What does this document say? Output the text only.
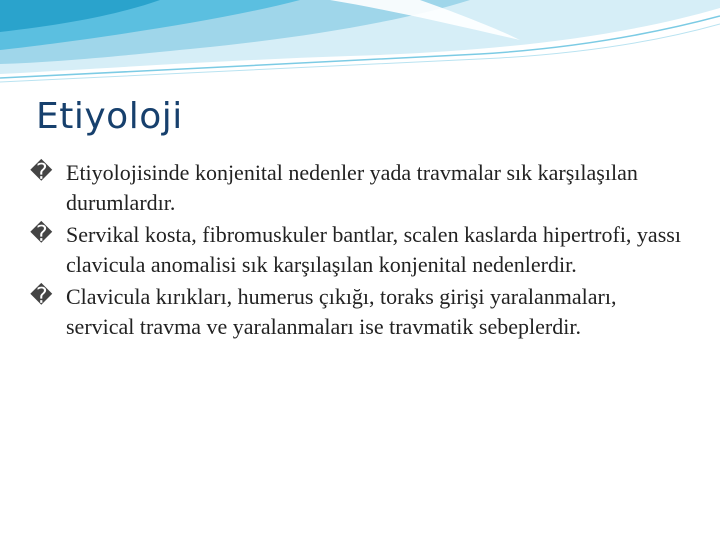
Etiyoloji
� Etiyolojisinde konjenital nedenler yada travmalar sık karşılaşılan durumlardır.
� Servikal kosta, fibromuskuler bantlar, scalen kaslarda hipertrofi, yassı clavicula anomalisi sık karşılaşılan konjenital nedenlerdir.
� Clavicula kırıkları, humerus çıkığı, toraks girişi yaralanmaları, servical travma ve yaralanmaları ise travmatik sebeplerdir.
